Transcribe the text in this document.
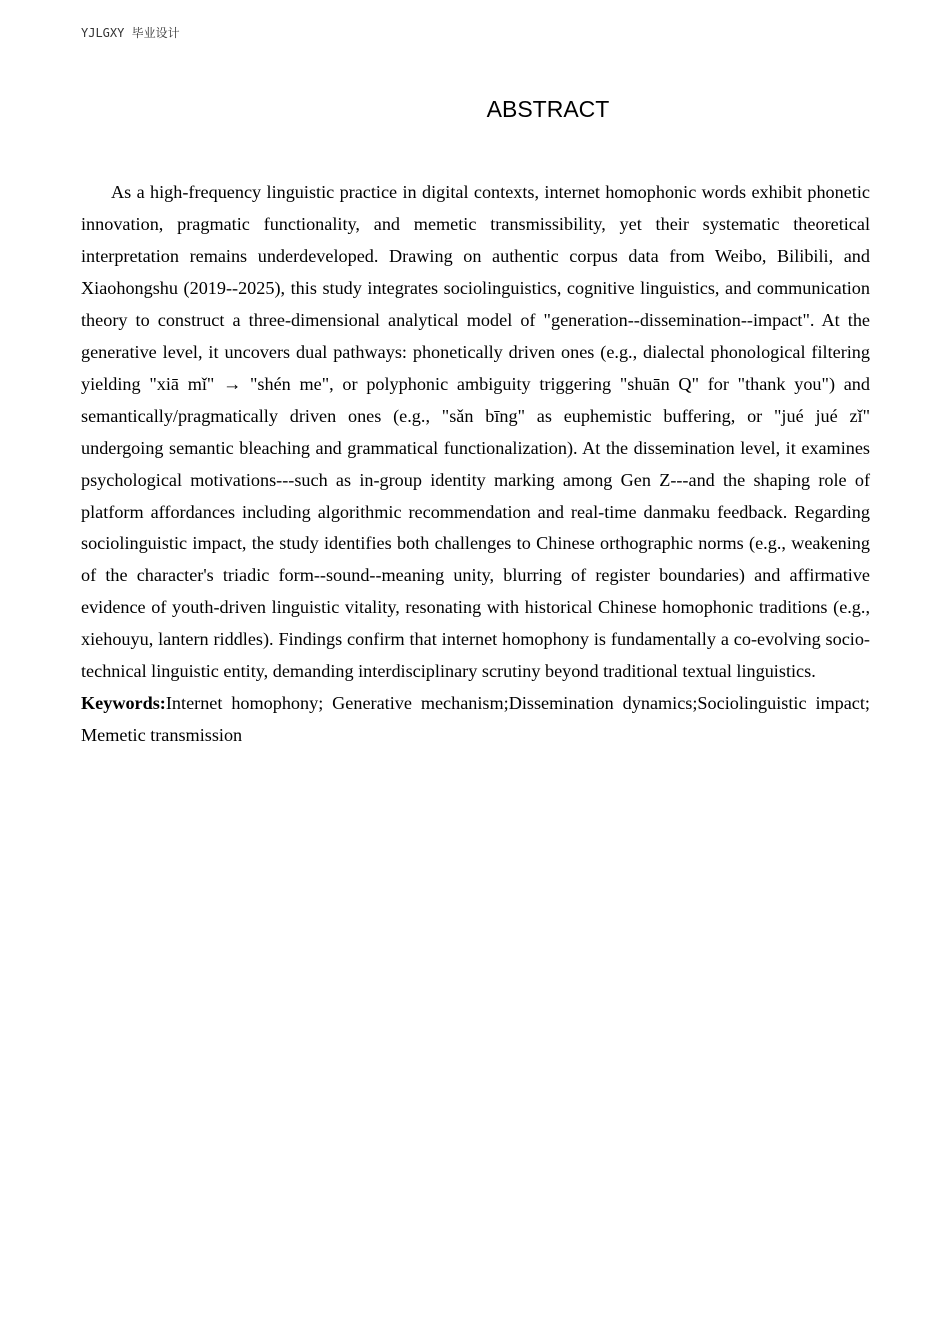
YJLGXY 毕业设计
ABSTRACT

As a high-frequency linguistic practice in digital contexts, internet homophonic words exhibit phonetic innovation, pragmatic functionality, and memetic transmissibility, yet their systematic theoretical interpretation remains underdeveloped. Drawing on authentic corpus data from Weibo, Bilibili, and Xiaohongshu (2019--2025), this study integrates sociolinguistics, cognitive linguistics, and communication theory to construct a three-dimensional analytical model of "generation--dissemination--impact". At the generative level, it uncovers dual pathways: phonetically driven ones (e.g., dialectal phonological filtering yielding "xiā mǐ" → "shén me", or polyphonic ambiguity triggering "shuān Q" for "thank you") and semantically/pragmatically driven ones (e.g., "sǎn bīng" as euphemistic buffering, or "jué jué zǐ" undergoing semantic bleaching and grammatical functionalization). At the dissemination level, it examines psychological motivations---such as in-group identity marking among Gen Z---and the shaping role of platform affordances including algorithmic recommendation and real-time danmaku feedback. Regarding sociolinguistic impact, the study identifies both challenges to Chinese orthographic norms (e.g., weakening of the character's triadic form--sound--meaning unity, blurring of register boundaries) and affirmative evidence of youth-driven linguistic vitality, resonating with historical Chinese homophonic traditions (e.g., xiehouyu, lantern riddles). Findings confirm that internet homophony is fundamentally a co-evolving socio-technical linguistic entity, demanding interdisciplinary scrutiny beyond traditional textual linguistics.

Keywords:Internet homophony; Generative mechanism;Dissemination dynamics;Sociolinguistic impact; Memetic transmission
